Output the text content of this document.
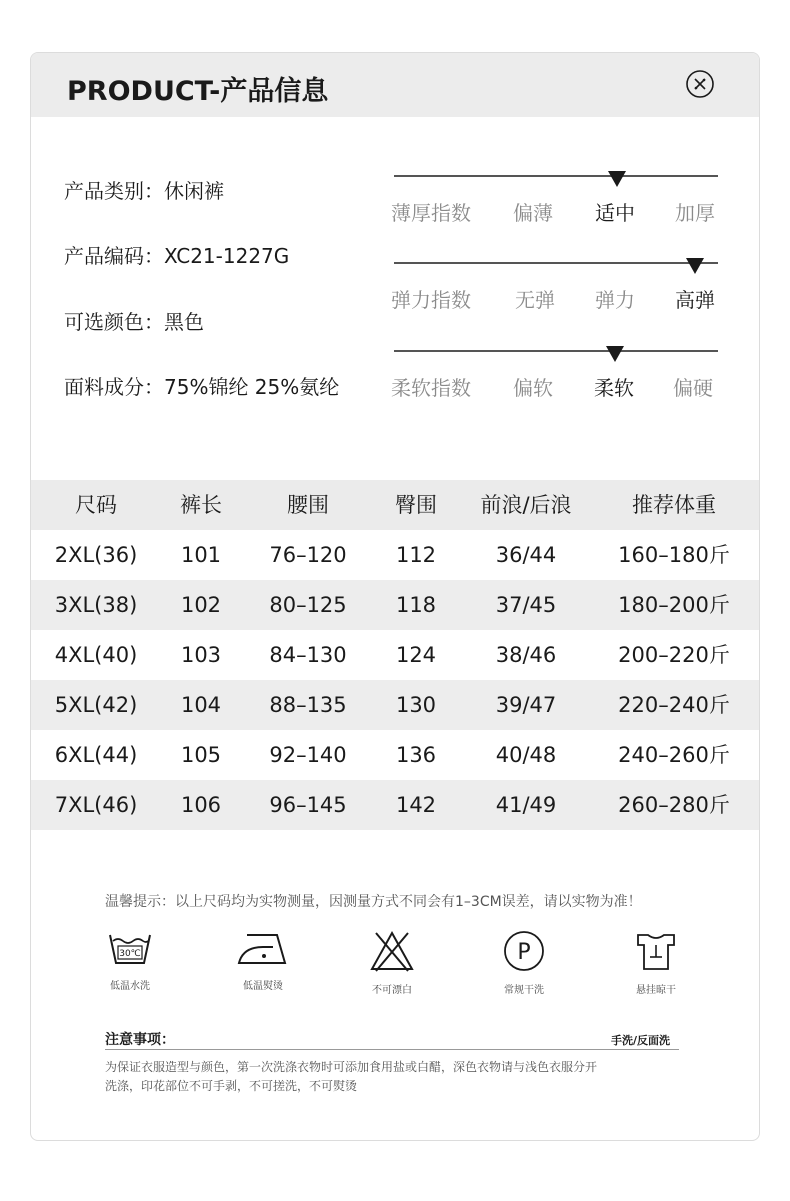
PRODUCT-产品信息
产品类别：休闲裤
产品编码：XC21-1227G
可选颜色：黑色
面料成分：75%锦纶 25%氨纶
薄厚指数 偏薄 适中 加厚
弹力指数 无弹 弹力 高弹
柔软指数 偏软 柔软 偏硬
尺码	裤长	腰围	臀围	前浪/后浪	推荐体重
2XL(36)	101	76–120	112	36/44	160–180斤
3XL(38)	102	80–125	118	37/45	180–200斤
4XL(40)	103	84–130	124	38/46	200–220斤
5XL(42)	104	88–135	130	39/47	220–240斤
6XL(44)	105	92–140	136	40/48	240–260斤
7XL(46)	106	96–145	142	41/49	260–280斤
温馨提示：以上尺码均为实物测量，因测量方式不同会有1–3CM误差，请以实物为准！
30℃
低温水洗	低温熨烫	不可漂白
P
常规干洗	悬挂晾干
注意事项：	手洗/反面洗
为保证衣服造型与颜色，第一次洗涤衣物时可添加食用盐或白醋，深色衣物请与浅色衣服分开洗涤，印花部位不可手剥，不可搓洗，不可熨烫
